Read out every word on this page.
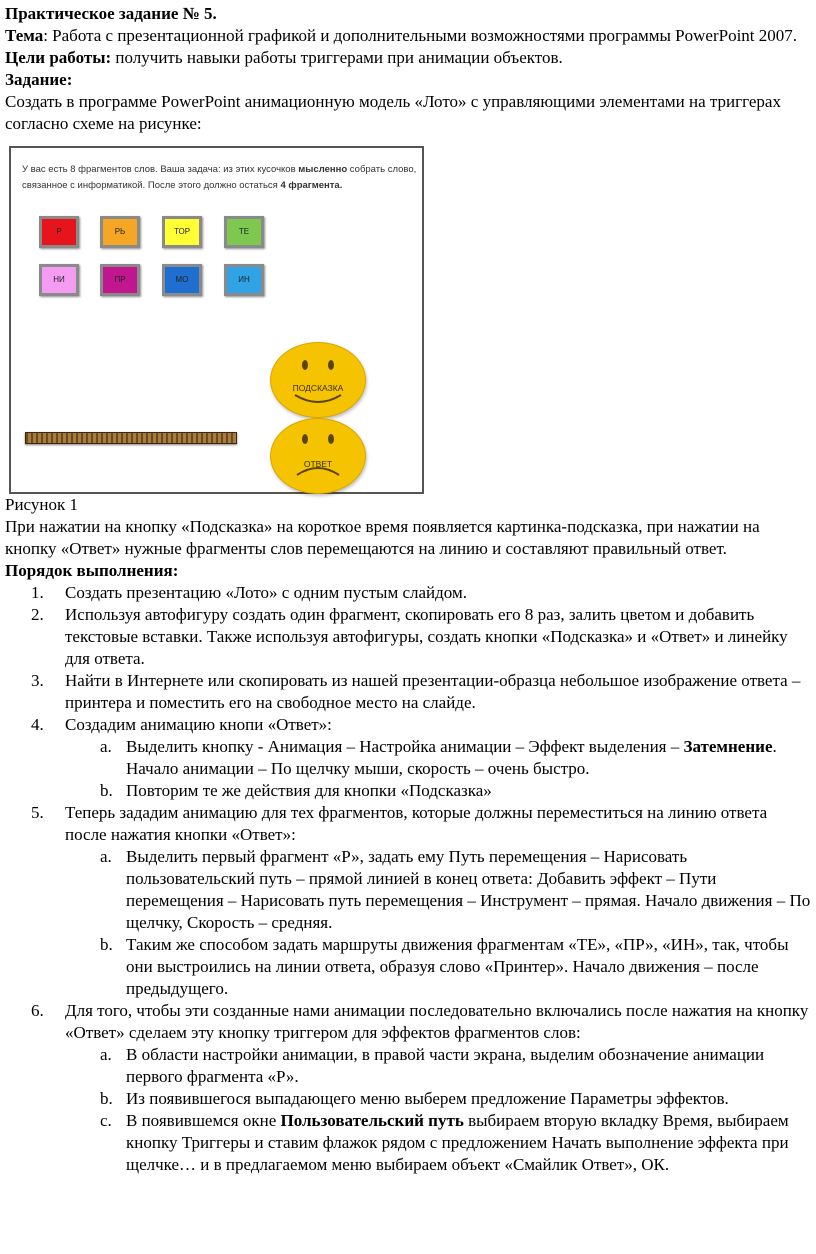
Практическое задание № 5.

Тема: Работа с презентационной графикой и дополнительными возможностями программы PowerPoint 2007.

Цели работы: получить навыки работы триггерами при анимации объектов.

Задание:

Создать в программе PowerPoint анимационную модель «Лото» с управляющими элементами на триггерах согласно схеме на рисунке:

У вас есть 8 фрагментов слов. Ваша задача: из этих кусочков мысленно собрать слово, связанное с информатикой. После этого должно остаться 4 фрагмента.
Р	РЬ	ТОР	ТЕ
НИ	ПР	МО	ИН
ПОДСКАЗКА
ОТВЕТ

Рисунок 1

При нажатии на кнопку «Подсказка» на короткое время появляется картинка-подсказка, при нажатии на кнопку «Ответ» нужные фрагменты слов перемещаются на линию и составляют правильный ответ.

Порядок выполнения:

Создать презентацию «Лото» с одним пустым слайдом.
Используя автофигуру создать один фрагмент, скопировать его 8 раз, залить цветом и добавить текстовые вставки. Также используя автофигуры, создать кнопки «Подсказка» и «Ответ» и линейку для ответа.
Найти в Интернете или скопировать из нашей презентации-образца небольшое изображение ответа – принтера и поместить его на свободное место на слайде.
Создадим анимацию кнопи «Ответ»:
Выделить кнопку - Анимация – Настройка анимации – Эффект выделения – Затемнение. Начало анимации – По щелчку мыши, скорость – очень быстро.
Повторим те же действия для кнопки «Подсказка»
Теперь зададим анимацию для тех фрагментов, которые должны переместиться на линию ответа после нажатия кнопки «Ответ»:
Выделить первый фрагмент «Р», задать ему Путь перемещения – Нарисовать пользовательский путь – прямой линией в конец ответа: Добавить эффект – Пути перемещения – Нарисовать путь перемещения – Инструмент – прямая. Начало движения – По щелчку, Скорость – средняя.
Таким же способом задать маршруты движения фрагментам «ТЕ», «ПР», «ИН», так, чтобы они выстроились на линии ответа, образуя слово «Принтер». Начало движения – после предыдущего.
Для того, чтобы эти созданные нами анимации последовательно включались после нажатия на кнопку «Ответ» сделаем эту кнопку триггером для эффектов фрагментов слов:
В области настройки анимации, в правой части экрана, выделим обозначение анимации первого фрагмента «Р».
Из появившегося выпадающего меню выберем предложение Параметры эффектов.
В появившемся окне Пользовательский путь выбираем вторую вкладку Время, выбираем кнопку Триггеры и ставим флажок рядом с предложением Начать выполнение эффекта при щелчке… и в предлагаемом меню выбираем объект «Смайлик Ответ», ОК.
